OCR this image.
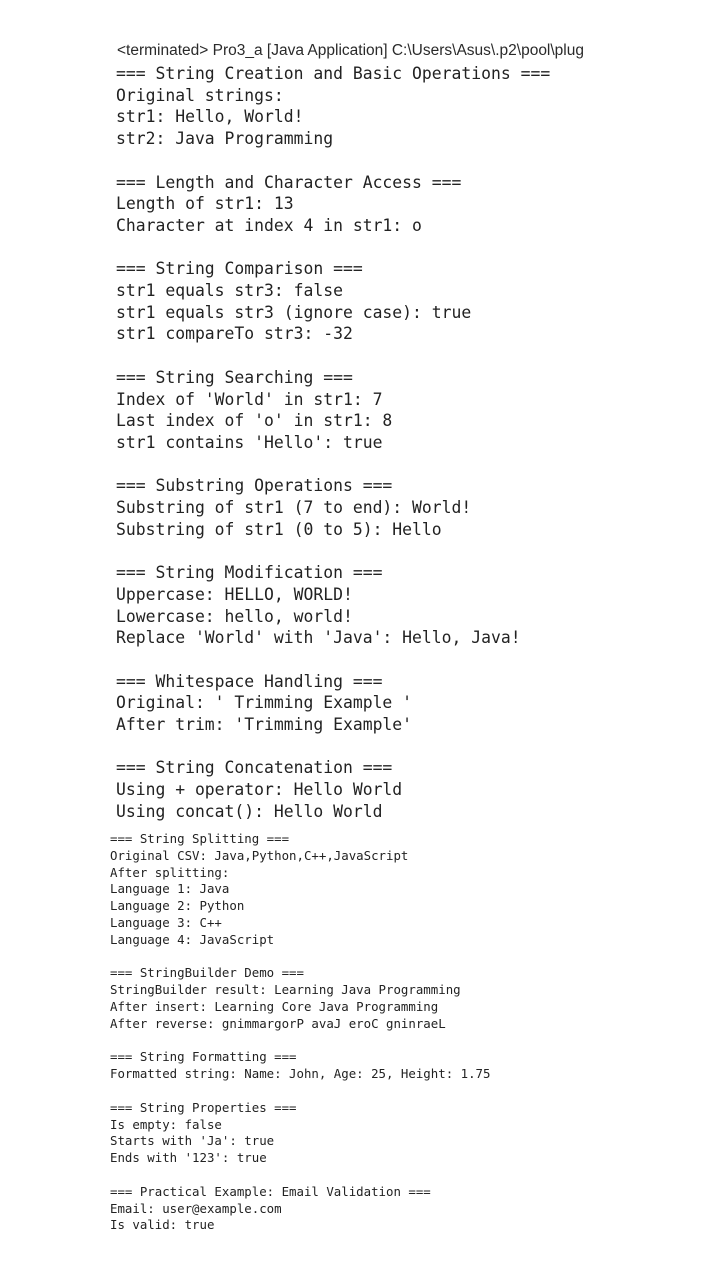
<terminated> Pro3_a [Java Application] C:\Users\Asus\.p2\pool\plug
=== String Creation and Basic Operations ===
Original strings:
str1: Hello, World!
str2: Java Programming
=== Length and Character Access ===
Length of str1: 13
Character at index 4 in str1: o
=== String Comparison ===
str1 equals str3: false
str1 equals str3 (ignore case): true
str1 compareTo str3: -32
=== String Searching ===
Index of 'World' in str1: 7
Last index of 'o' in str1: 8
str1 contains 'Hello': true
=== Substring Operations ===
Substring of str1 (7 to end): World!
Substring of str1 (0 to 5): Hello
=== String Modification ===
Uppercase: HELLO, WORLD!
Lowercase: hello, world!
Replace 'World' with 'Java': Hello, Java!
=== Whitespace Handling ===
Original: ' Trimming Example '
After trim: 'Trimming Example'
=== String Concatenation ===
Using + operator: Hello World
Using concat(): Hello World
=== String Splitting ===
Original CSV: Java,Python,C++,JavaScript
After splitting:
Language 1: Java
Language 2: Python
Language 3: C++
Language 4: JavaScript
=== StringBuilder Demo ===
StringBuilder result: Learning Java Programming
After insert: Learning Core Java Programming
After reverse: gnimmargorP avaJ eroC gninraeL
=== String Formatting ===
Formatted string: Name: John, Age: 25, Height: 1.75
=== String Properties ===
Is empty: false
Starts with 'Ja': true
Ends with '123': true
=== Practical Example: Email Validation ===
Email: user@example.com
Is valid: true
